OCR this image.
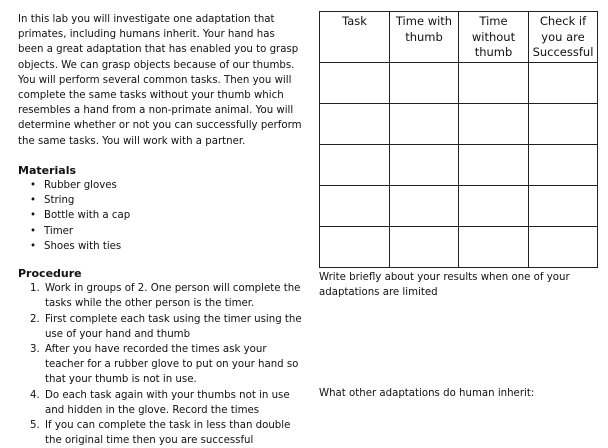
In this lab you will investigate one adaptation that primates, including humans inherit. Your hand has been a great adaptation that has enabled you to grasp objects. We can grasp objects because of our thumbs. You will perform several common tasks. Then you will complete the same tasks without your thumb which resembles a hand from a non-primate animal. You will determine whether or not you can successfully perform the same tasks. You will work with a partner.

Materials
• Rubber gloves
• String
• Bottle with a cap
• Timer
• Shoes with ties
Procedure
1. Work in groups of 2. One person will complete the tasks while the other person is the timer.
2. First complete each task using the timer using the use of your hand and thumb
3. After you have recorded the times ask your teacher for a rubber glove to put on your hand so that your thumb is not in use.
4. Do each task again with your thumbs not in use and hidden in the glove. Record the times
5. If you can complete the task in less than double the original time then you are successful
Task	Time with thumb	Time without thumb	Check if you are Successful

Write briefly about your results when one of your adaptations are limited

What other adaptations do human inherit:
